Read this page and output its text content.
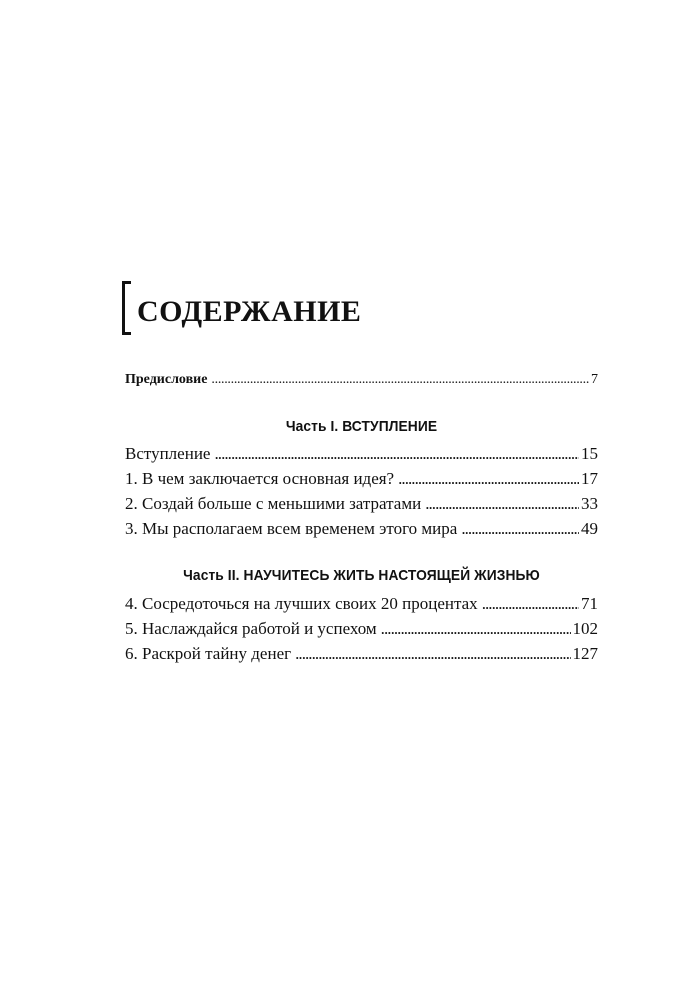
СОДЕРЖАНИЕ
Предисловие . . .	7
Часть I. ВСТУПЛЕНИЕ
Вступление . . .	15
1. В чем заключается основная идея? . . .	17
2. Создай больше с меньшими затратами . . .	33
3. Мы располагаем всем временем этого мира . . .	49
Часть II. НАУЧИТЕСЬ ЖИТЬ НАСТОЯЩЕЙ ЖИЗНЬЮ
4. Сосредоточься на лучших своих 20 процентах . . .	71
5. Наслаждайся работой и успехом . . .	102
6. Раскрой тайну денег . . .	127
